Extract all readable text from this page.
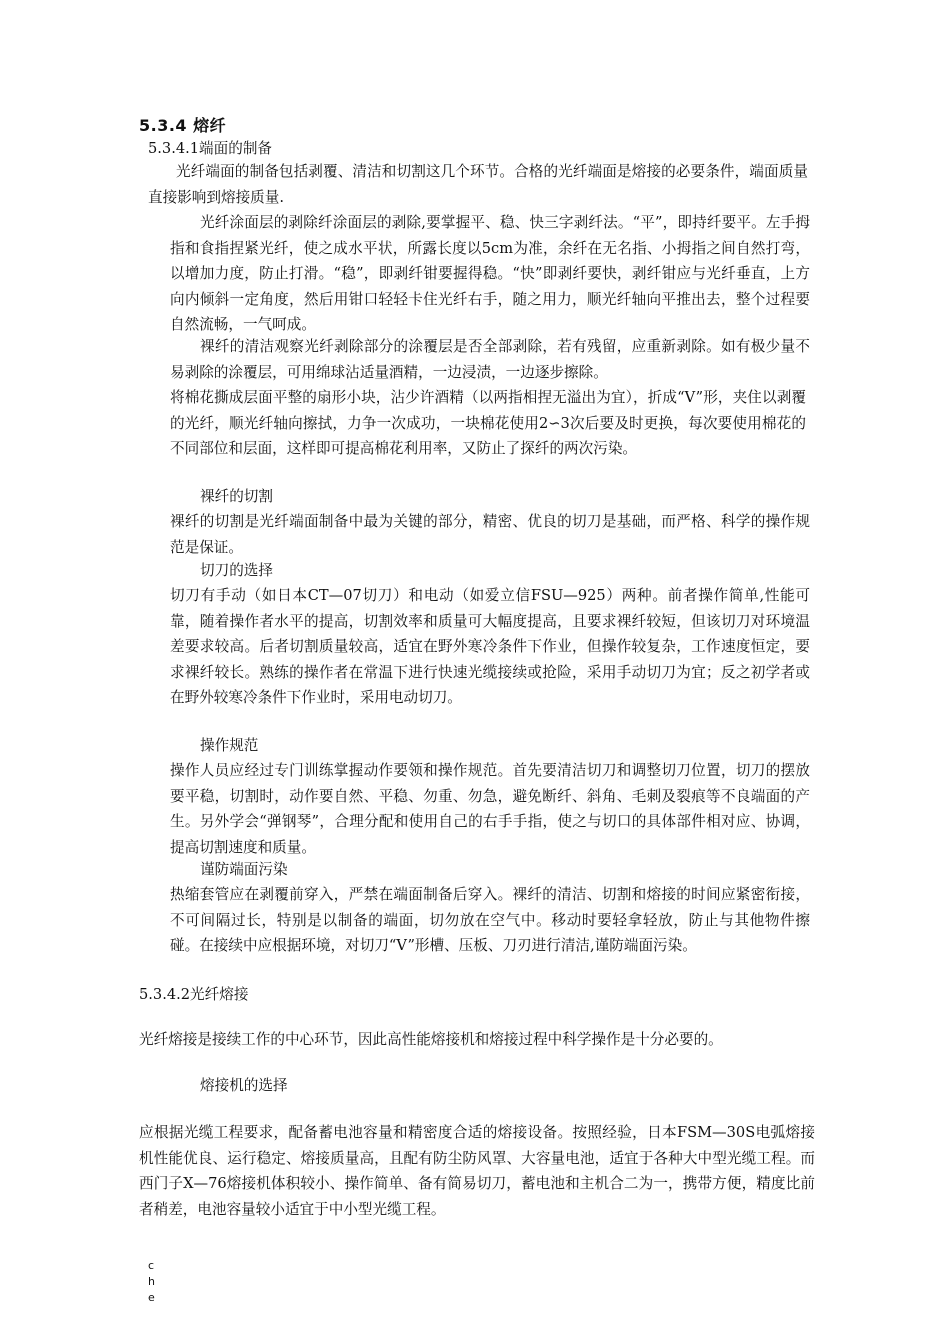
5.3.4 熔纤
5.3.4.1端面的制备

光纤端面的制备包括剥覆、清洁和切割这几个环节。合格的光纤端面是熔接的必要条件，端面质量直接影响到熔接质量.

光纤涂面层的剥除纤涂面层的剥除,要掌握平、稳、快三字剥纤法。“平”，即持纤要平。左手拇指和食指捏紧光纤，使之成水平状，所露长度以5cm为准，余纤在无名指、小拇指之间自然打弯，以增加力度，防止打滑。“稳”，即剥纤钳要握得稳。“快”即剥纤要快，剥纤钳应与光纤垂直，上方向内倾斜一定角度，然后用钳口轻轻卡住光纤右手，随之用力，顺光纤轴向平推出去，整个过程要自然流畅，一气呵成。

裸纤的清洁观察光纤剥除部分的涂覆层是否全部剥除，若有残留，应重新剥除。如有极少量不易剥除的涂覆层，可用绵球沾适量酒精，一边浸渍，一边逐步擦除。

将棉花撕成层面平整的扇形小块，沾少许酒精（以两指相捏无溢出为宜），折成“V”形，夹住以剥覆的光纤，顺光纤轴向擦拭，力争一次成功，一块棉花使用2∽3次后要及时更换，每次要使用棉花的不同部位和层面，这样即可提高棉花利用率，又防止了探纤的两次污染。

裸纤的切割

裸纤的切割是光纤端面制备中最为关键的部分，精密、优良的切刀是基础，而严格、科学的操作规范是保证。

切刀的选择

切刀有手动（如日本CT—07切刀）和电动（如爱立信FSU—925）两种。前者操作简单,性能可靠，随着操作者水平的提高，切割效率和质量可大幅度提高，且要求裸纤较短，但该切刀对环境温差要求较高。后者切割质量较高，适宜在野外寒冷条件下作业，但操作较复杂，工作速度恒定，要求裸纤较长。熟练的操作者在常温下进行快速光缆接续或抢险，采用手动切刀为宜；反之初学者或在野外较寒冷条件下作业时，采用电动切刀。

操作规范

操作人员应经过专门训练掌握动作要领和操作规范。首先要清洁切刀和调整切刀位置，切刀的摆放要平稳，切割时，动作要自然、平稳、勿重、勿急，避免断纤、斜角、毛刺及裂痕等不良端面的产生。另外学会“弹钢琴”，合理分配和使用自己的右手手指，使之与切口的具体部件相对应、协调，提高切割速度和质量。

谨防端面污染

热缩套管应在剥覆前穿入，严禁在端面制备后穿入。裸纤的清洁、切割和熔接的时间应紧密衔接，不可间隔过长，特别是以制备的端面，切勿放在空气中。移动时要轻拿轻放，防止与其他物件擦碰。在接续中应根据环境，对切刀“V”形槽、压板、刀刃进行清洁,谨防端面污染。

5.3.4.2光纤熔接

光纤熔接是接续工作的中心环节，因此高性能熔接机和熔接过程中科学操作是十分必要的。

熔接机的选择

应根据光缆工程要求，配备蓄电池容量和精密度合适的熔接设备。按照经验，日本FSM—30S电弧熔接机性能优良、运行稳定、熔接质量高，且配有防尘防风罩、大容量电池，适宜于各种大中型光缆工程。而西门子X—76熔接机体积较小、操作简单、备有简易切刀，蓄电池和主机合二为一，携带方便，精度比前者稍差，电池容量较小适宜于中小型光缆工程。

che
